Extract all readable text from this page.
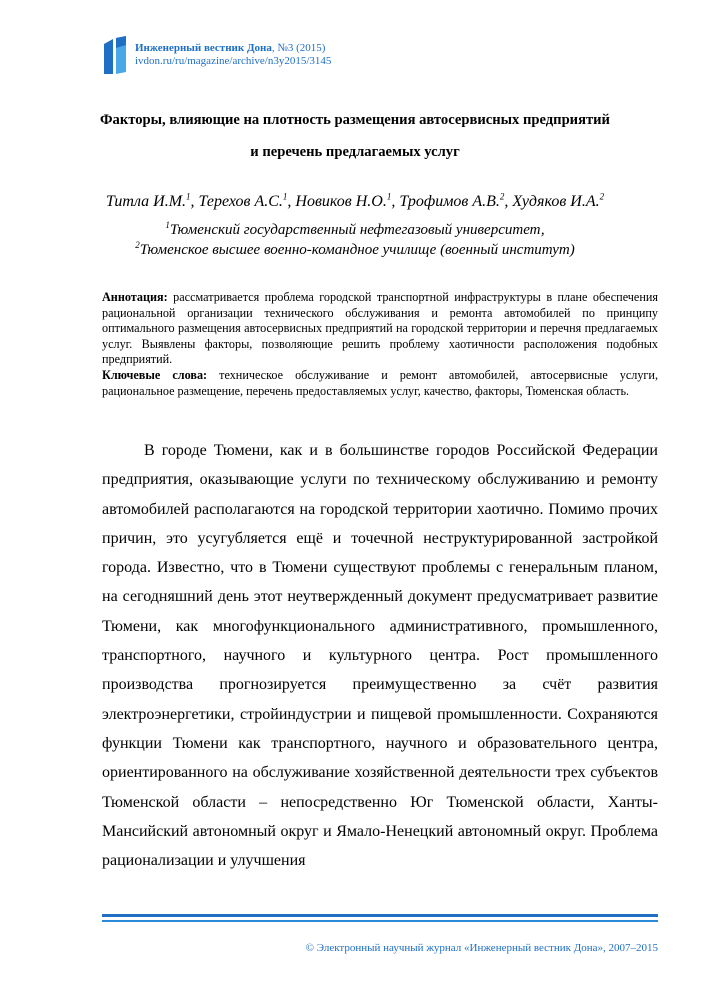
Инженерный вестник Дона, №3 (2015)
ivdon.ru/ru/magazine/archive/n3y2015/3145
Факторы, влияющие на плотность размещения автосервисных предприятий и перечень предлагаемых услуг
Титла И.М.$^1$, Терехов А.С.$^1$, Новиков Н.О.$^1$, Трофимов А.В.$^2$, Худяков И.А.$^2$
$^1$Тюменский государственный нефтегазовый университет,
$^2$Тюменское высшее военно-командное училище (военный институт)

Аннотация: рассматривается проблема городской транспортной инфраструктуры в плане обеспечения рациональной организации технического обслуживания и ремонта автомобилей по принципу оптимального размещения автосервисных предприятий на городской территории и перечня предлагаемых услуг. Выявлены факторы, позволяющие решить проблему хаотичности расположения подобных предприятий.

Ключевые слова: техническое обслуживание и ремонт автомобилей, автосервисные услуги, рациональное размещение, перечень предоставляемых услуг, качество, факторы, Тюменская область.

В городе Тюмени, как и в большинстве городов Российской Федерации предприятия, оказывающие услуги по техническому обслуживанию и ремонту автомобилей располагаются на городской территории хаотично. Помимо прочих причин, это усугубляется ещё и точечной неструктурированной застройкой города. Известно, что в Тюмени существуют проблемы с генеральным планом, на сегодняшний день этот неутвержденный документ предусматривает развитие Тюмени, как многофункционального административного, промышленного, транспортного, научного и культурного центра. Рост промышленного производства прогнозируется преимущественно за счёт развития электроэнергетики, стройиндустрии и пищевой промышленности. Сохраняются функции Тюмени как транспортного, научного и образовательного центра, ориентированного на обслуживание хозяйственной деятельности трех субъектов Тюменской области – непосредственно Юг Тюменской области, Ханты-Мансийский автономный округ и Ямало-Ненецкий автономный округ. Проблема рационализации и улучшения

© Электронный научный журнал «Инженерный вестник Дона», 2007–2015
